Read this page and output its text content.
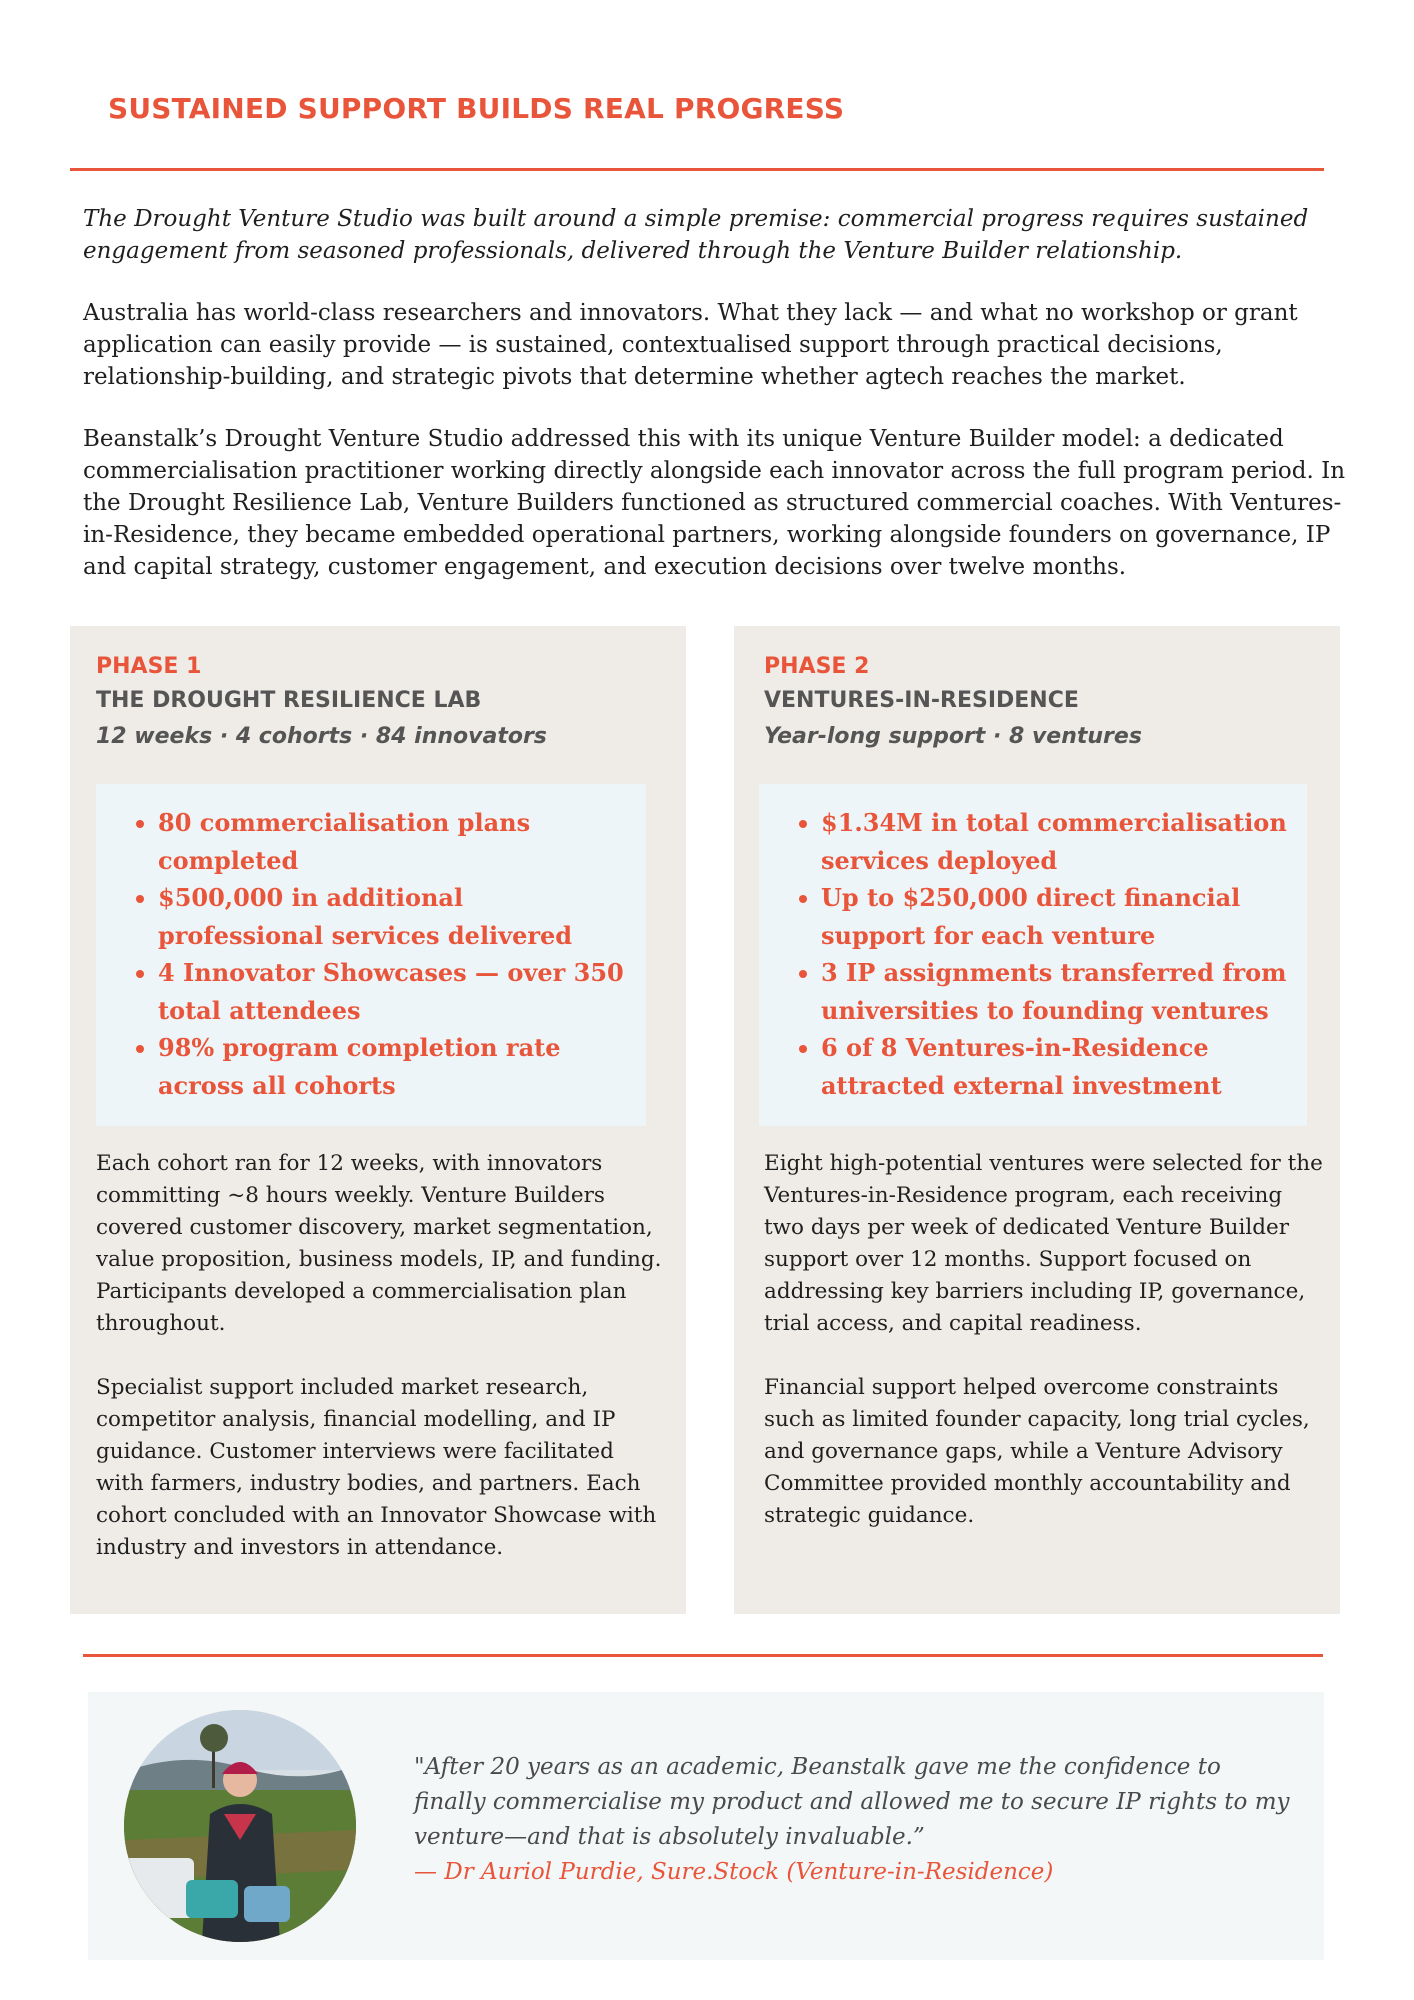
SUSTAINED SUPPORT BUILDS REAL PROGRESS

The Drought Venture Studio was built around a simple premise: commercial progress requires sustained engagement from seasoned professionals, delivered through the Venture Builder relationship.

Australia has world-class researchers and innovators. What they lack — and what no workshop or grant application can easily provide — is sustained, contextualised support through practical decisions, relationship-building, and strategic pivots that determine whether agtech reaches the market.

Beanstalk’s Drought Venture Studio addressed this with its unique Venture Builder model: a dedicated commercialisation practitioner working directly alongside each innovator across the full program period. In the Drought Resilience Lab, Venture Builders functioned as structured commercial coaches. With Ventures-in-Residence, they became embedded operational partners, working alongside founders on governance, IP and capital strategy, customer engagement, and execution decisions over twelve months.

PHASE 1
THE DROUGHT RESILIENCE LAB
12 weeks · 4 cohorts · 84 innovators
• 80 commercialisation plans completed
• $500,000 in additional professional services delivered
• 4 Innovator Showcases — over 350 total attendees
• 98% program completion rate across all cohorts

Each cohort ran for 12 weeks, with innovators committing ~8 hours weekly. Venture Builders covered customer discovery, market segmentation, value proposition, business models, IP, and funding. Participants developed a commercialisation plan throughout.

Specialist support included market research, competitor analysis, financial modelling, and IP guidance. Customer interviews were facilitated with farmers, industry bodies, and partners. Each cohort concluded with an Innovator Showcase with industry and investors in attendance.

PHASE 2
VENTURES-IN-RESIDENCE
Year-long support · 8 ventures
• $1.34M in total commercialisation services deployed
• Up to $250,000 direct financial support for each venture
• 3 IP assignments transferred from universities to founding ventures
• 6 of 8 Ventures-in-Residence attracted external investment

Eight high-potential ventures were selected for the Ventures-in-Residence program, each receiving two days per week of dedicated Venture Builder support over 12 months. Support focused on addressing key barriers including IP, governance, trial access, and capital readiness.

Financial support helped overcome constraints such as limited founder capacity, long trial cycles, and governance gaps, while a Venture Advisory Committee provided monthly accountability and strategic guidance.

"After 20 years as an academic, Beanstalk gave me the confidence to finally commercialise my product and allowed me to secure IP rights to my venture—and that is absolutely invaluable.”
— Dr Auriol Purdie, Sure.Stock (Venture-in-Residence)
